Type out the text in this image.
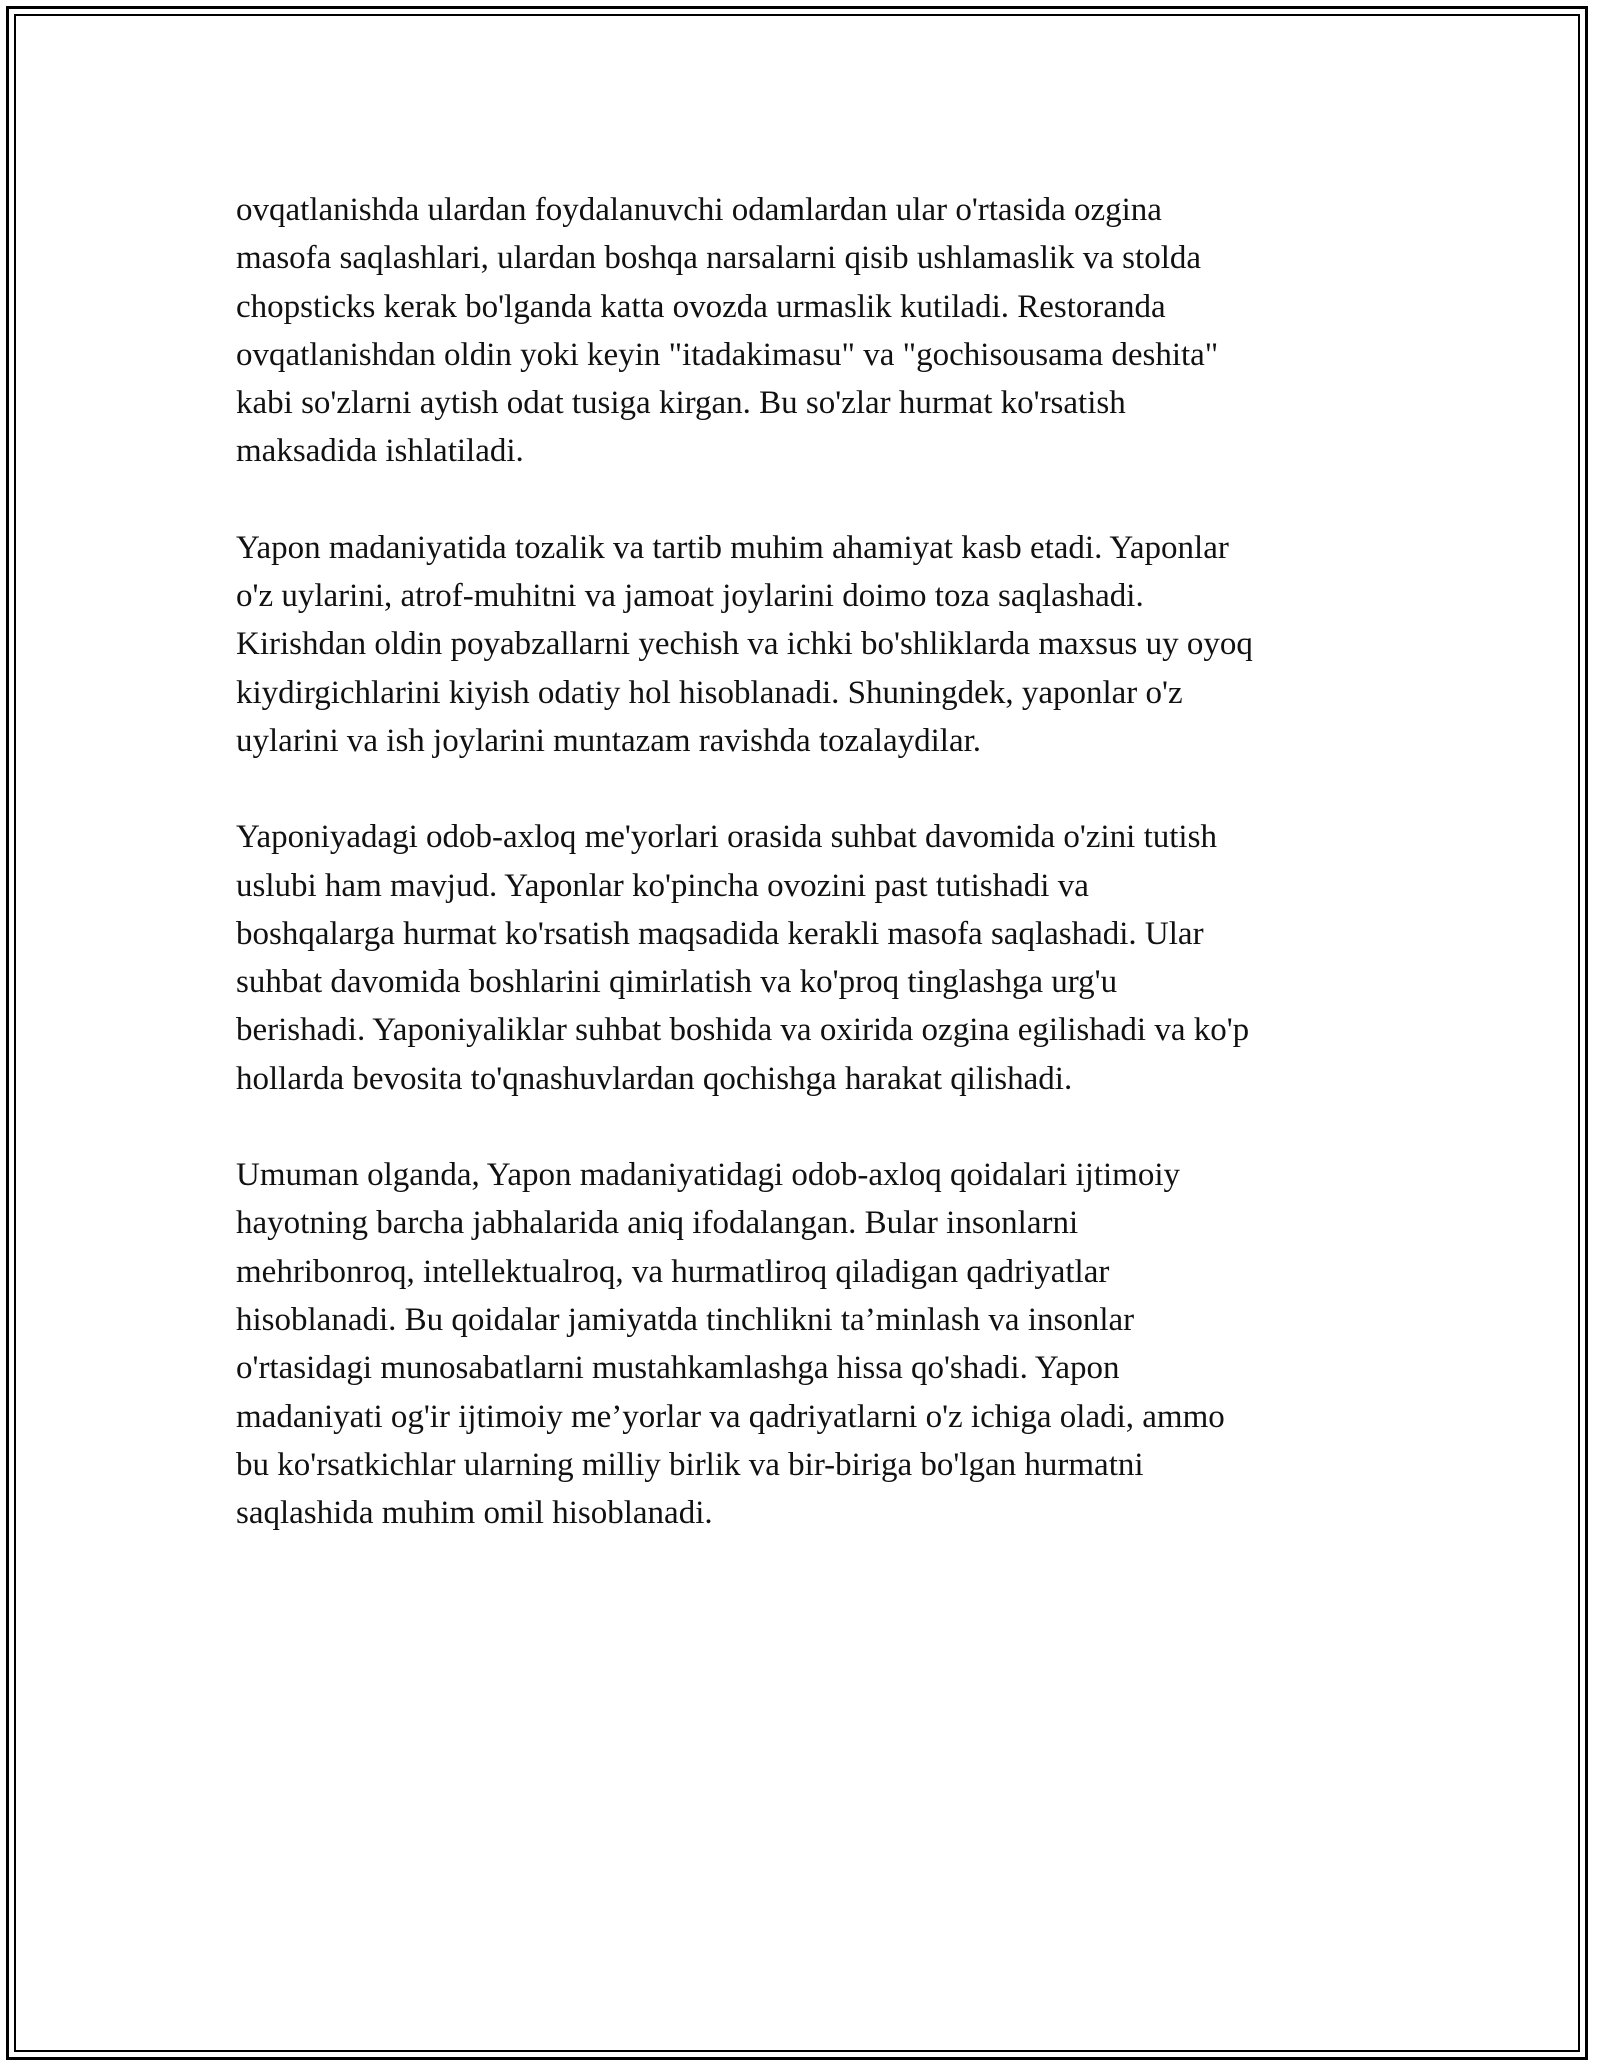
ovqatlanishda ulardan foydalanuvchi odamlardan ular o'rtasida ozgina
masofa saqlashlari, ulardan boshqa narsalarni qisib ushlamaslik va stolda
chopsticks kerak bo'lganda katta ovozda urmaslik kutiladi. Restoranda
ovqatlanishdan oldin yoki keyin "itadakimasu" va "gochisousama deshita"
kabi so'zlarni aytish odat tusiga kirgan. Bu so'zlar hurmat ko'rsatish
maksadida ishlatiladi.

Yapon madaniyatida tozalik va tartib muhim ahamiyat kasb etadi. Yaponlar
o'z uylarini, atrof-muhitni va jamoat joylarini doimo toza saqlashadi.
Kirishdan oldin poyabzallarni yechish va ichki bo'shliklarda maxsus uy oyoq
kiydirgichlarini kiyish odatiy hol hisoblanadi. Shuningdek, yaponlar o'z
uylarini va ish joylarini muntazam ravishda tozalaydilar.

Yaponiyadagi odob-axloq me'yorlari orasida suhbat davomida o'zini tutish
uslubi ham mavjud. Yaponlar ko'pincha ovozini past tutishadi va
boshqalarga hurmat ko'rsatish maqsadida kerakli masofa saqlashadi. Ular
suhbat davomida boshlarini qimirlatish va ko'proq tinglashga urg'u
berishadi. Yaponiyaliklar suhbat boshida va oxirida ozgina egilishadi va ko'p
hollarda bevosita to'qnashuvlardan qochishga harakat qilishadi.

Umuman olganda, Yapon madaniyatidagi odob-axloq qoidalari ijtimoiy
hayotning barcha jabhalarida aniq ifodalangan. Bular insonlarni
mehribonroq, intellektualroq, va hurmatliroq qiladigan qadriyatlar
hisoblanadi. Bu qoidalar jamiyatda tinchlikni ta’minlash va insonlar
o'rtasidagi munosabatlarni mustahkamlashga hissa qo'shadi. Yapon
madaniyati og'ir ijtimoiy me’yorlar va qadriyatlarni o'z ichiga oladi, ammo
bu ko'rsatkichlar ularning milliy birlik va bir-biriga bo'lgan hurmatni
saqlashida muhim omil hisoblanadi.
